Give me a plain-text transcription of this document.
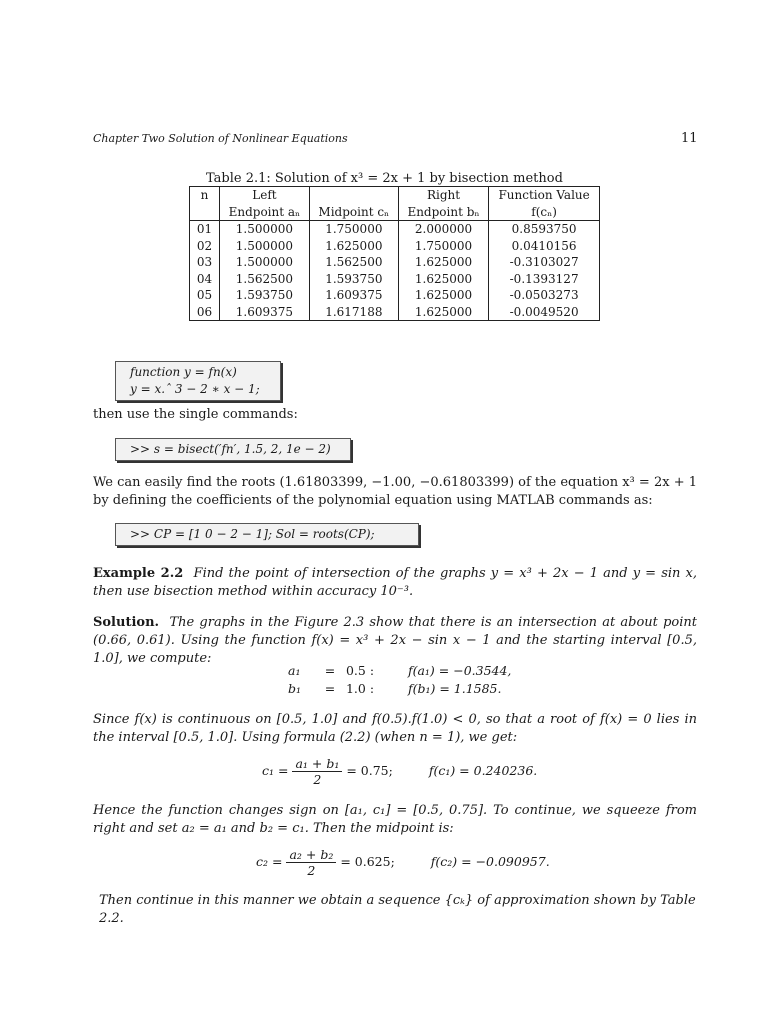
Chapter Two Solution of Nonlinear Equations	11
Table 2.1: Solution of x³ = 2x + 1 by bisection method
n	Left		Right	Function Value
	Endpoint aₙ	Midpoint cₙ	Endpoint bₙ	f(cₙ)
01	1.500000	1.750000	2.000000	0.8593750
02	1.500000	1.625000	1.750000	0.0410156
03	1.500000	1.562500	1.625000	-0.3103027
04	1.562500	1.593750	1.625000	-0.1393127
05	1.593750	1.609375	1.625000	-0.0503273
06	1.609375	1.617188	1.625000	-0.0049520
function y = fn(x)
y = x.ˆ 3 − 2 ∗ x − 1;
then use the single commands:
>> s = bisect(′fn′, 1.5, 2, 1e − 2)
We can easily find the roots (1.61803399, −1.00, −0.61803399) of the equation x³ = 2x + 1 by defining the coefficients of the polynomial equation using MATLAB commands as:
>> CP = [1 0 − 2 − 1]; Sol = roots(CP);
Example 2.2 Find the point of intersection of the graphs y = x³ + 2x − 1 and y = sin x, then use bisection method within accuracy 10⁻³.
Solution. The graphs in the Figure 2.3 show that there is an intersection at about point (0.66, 0.61). Using the function f(x) = x³ + 2x − sin x − 1 and the starting interval [0.5, 1.0], we compute:
a₁ = 0.5 :	f(a₁) = −0.3544,
b₁ = 1.0 :	f(b₁) = 1.1585.
Since f(x) is continuous on [0.5, 1.0] and f(0.5).f(1.0) < 0, so that a root of f(x) = 0 lies in the interval [0.5, 1.0]. Using formula (2.2) (when n = 1), we get:
$c_1 = \frac{\text{a₁ + b₁}}{2} = 0.75$;	f(c₁) = 0.240236.
Hence the function changes sign on [a₁, c₁] = [0.5, 0.75]. To continue, we squeeze from right and set a₂ = a₁ and b₂ = c₁. Then the midpoint is:
$c_2 = \frac{\text{a₂ + b₂}}{2} = 0.625$;	f(c₂) = −0.090957.
Then continue in this manner we obtain a sequence {cₖ} of approximation shown by Table 2.2.
